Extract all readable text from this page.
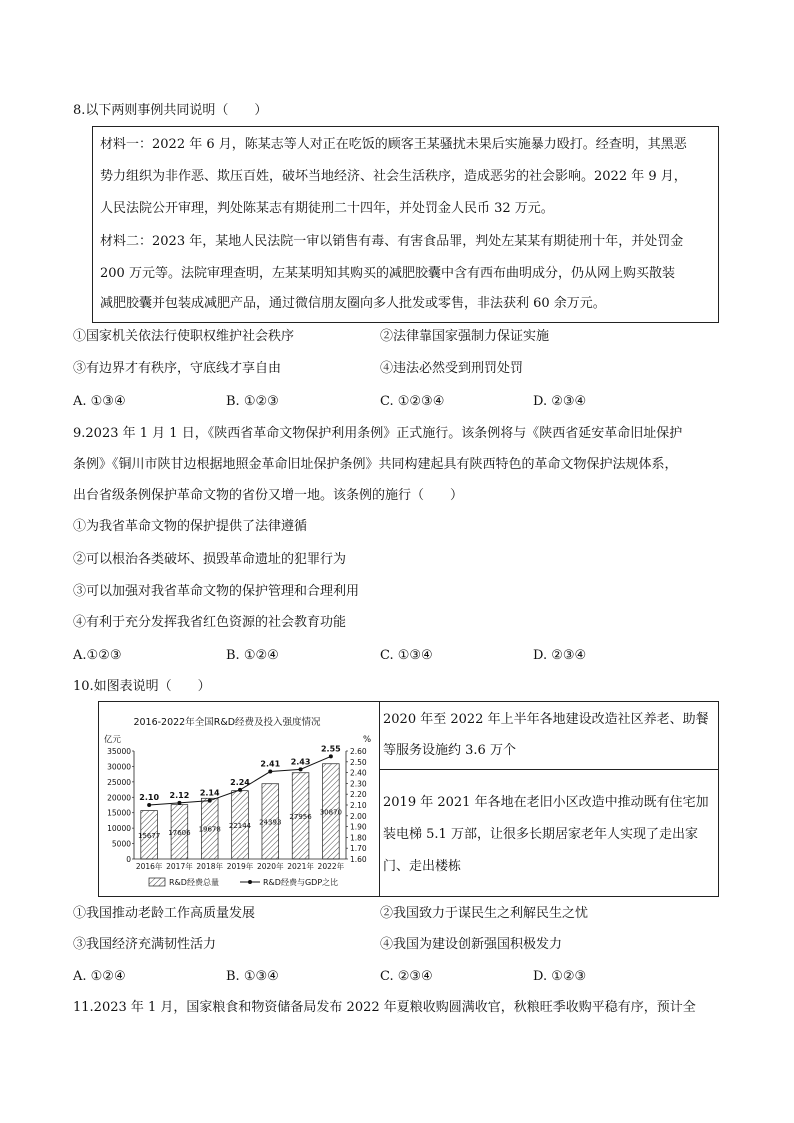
8.以下两则事例共同说明（　　）
材料一：2022 年 6 月，陈某志等人对正在吃饭的顾客王某骚扰未果后实施暴力殴打。经查明，其黑恶
势力组织为非作恶、欺压百姓，破坏当地经济、社会生活秩序，造成恶劣的社会影响。2022 年 9 月，
人民法院公开审理，判处陈某志有期徒刑二十四年，并处罚金人民币 32 万元。
材料二：2023 年，某地人民法院一审以销售有毒、有害食品罪，判处左某某有期徒刑十年，并处罚金
200 万元等。法院审理查明，左某某明知其购买的减肥胶囊中含有西布曲明成分，仍从网上购买散装
减肥胶囊并包装成减肥产品，通过微信朋友圈向多人批发或零售，非法获利 60 余万元。
①国家机关依法行使职权维护社会秩序	②法律靠国家强制力保证实施
③有边界才有秩序，守底线才享自由	④违法必然受到刑罚处罚
A. ①③④	B. ①②③	C. ①②③④	D. ②③④
9.2023 年 1 月 1 日，《陕西省革命文物保护利用条例》正式施行。该条例将与《陕西省延安革命旧址保护
条例》《铜川市陕甘边根据地照金革命旧址保护条例》共同构建起具有陕西特色的革命文物保护法规体系，
出台省级条例保护革命文物的省份又增一地。该条例的施行（　　）
①为我省革命文物的保护提供了法律遵循
②可以根治各类破坏、损毁革命遗址的犯罪行为
③可以加强对我省革命文物的保护管理和合理利用
④有利于充分发挥我省红色资源的社会教育功能
A.①②③	B. ①②④	C. ①③④	D. ②③④
10.如图表说明（　　）
2016-2022年全国R&D经费及投入强度情况
亿元	%
0
5000
10000
15000
20000
25000
30000
35000
1.60
1.70
1.80
1.90
2.00
2.10
2.20
2.30
2.40
2.50
2.60
15677
2016年
17606
2017年
19678
2018年
22144
2019年
24393
2020年
27956
2021年
30870
2022年
2.10 2.12 2.14
2.24
2.41 2.43
2.55
R&D经费总量	R&D经费与GDP之比
2020 年至 2022 年上半年各地建设改造社区养老、助餐
等服务设施约 3.6 万个
2019 年 2021 年各地在老旧小区改造中推动既有住宅加
装电梯 5.1 万部，让很多长期居家老年人实现了走出家
门、走出楼栋
①我国推动老龄工作高质量发展	②我国致力于谋民生之利解民生之忧
③我国经济充满韧性活力	④我国为建设创新强国积极发力
A. ①②④	B. ①③④	C. ②③④	D. ①②③
11.2023 年 1 月，国家粮食和物资储备局发布 2022 年夏粮收购圆满收官，秋粮旺季收购平稳有序，预计全
